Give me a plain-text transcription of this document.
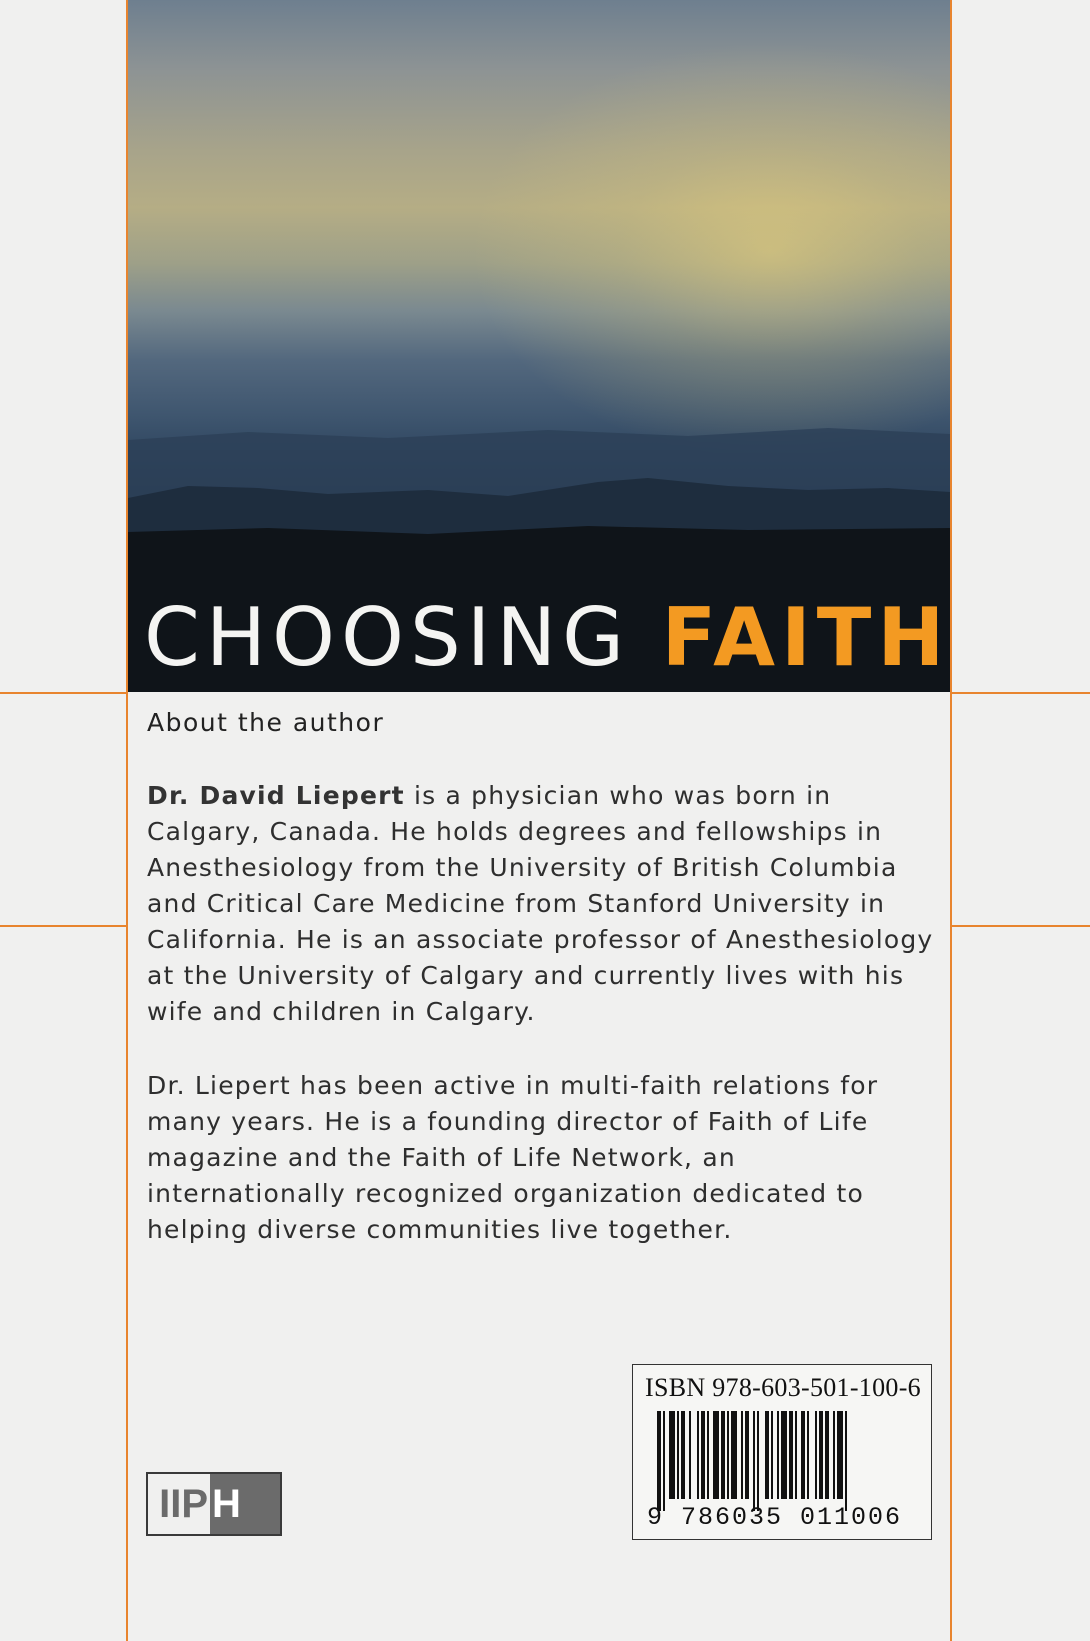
CHOOSING FAITH
About the author

Dr. David Liepert is a physician who was born in Calgary, Canada. He holds degrees and fellowships in Anesthesiology from the University of British Columbia and Critical Care Medicine from Stanford University in California. He is an associate professor of Anesthesiology at the University of Calgary and currently lives with his wife and children in Calgary.

Dr. Liepert has been active in multi-faith relations for many years. He is a founding director of Faith of Life magazine and the Faith of Life Network, an internationally recognized organization dedicated to helping diverse communities live together.

IIP H

ISBN 978-603-501-100-6

9 786035 011006
